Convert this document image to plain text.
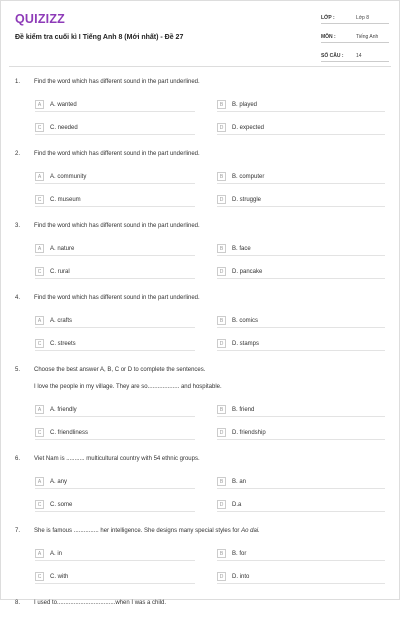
QUIZIZZ
Đề kiểm tra cuối kì I Tiếng Anh 8 (Mới nhất) - Đề 27
LỚP :	Lớp 8
MÔN :	Tiếng Anh
SỐ CÂU :	14
1. Find the word which has different sound in the part underlined.
A	A. wanted	B	B. played
C	C. needed	D	D. expected
2. Find the word which has different sound in the part underlined.
A	A. community	B	B. computer
C	C. museum	D	D. struggle
3. Find the word which has different sound in the part underlined.
A	A. nature	B	B. face
C	C. rural	D	D. pancake
4. Find the word which has different sound in the part underlined.
A	A. crafts	B	B. comics
C	C. streets	D	D. stamps
5. Choose the best answer A, B, C or D to complete the sentences.
I love the people in my village. They are so................... and hospitable.
A	A. friendly	B	B. friend
C	C. friendliness	D	D. friendship
6. Viet Nam is ........... multicultural country with 54 ethnic groups.
A	A. any	B	B. an
C	C. some	D	D.a
7. She is famous ............... her intelligence. She designs many special styles for Ao dai.
A	A. in	B	B. for
C	C. with	D	D. into
8. I used to...................................when I was a child.
